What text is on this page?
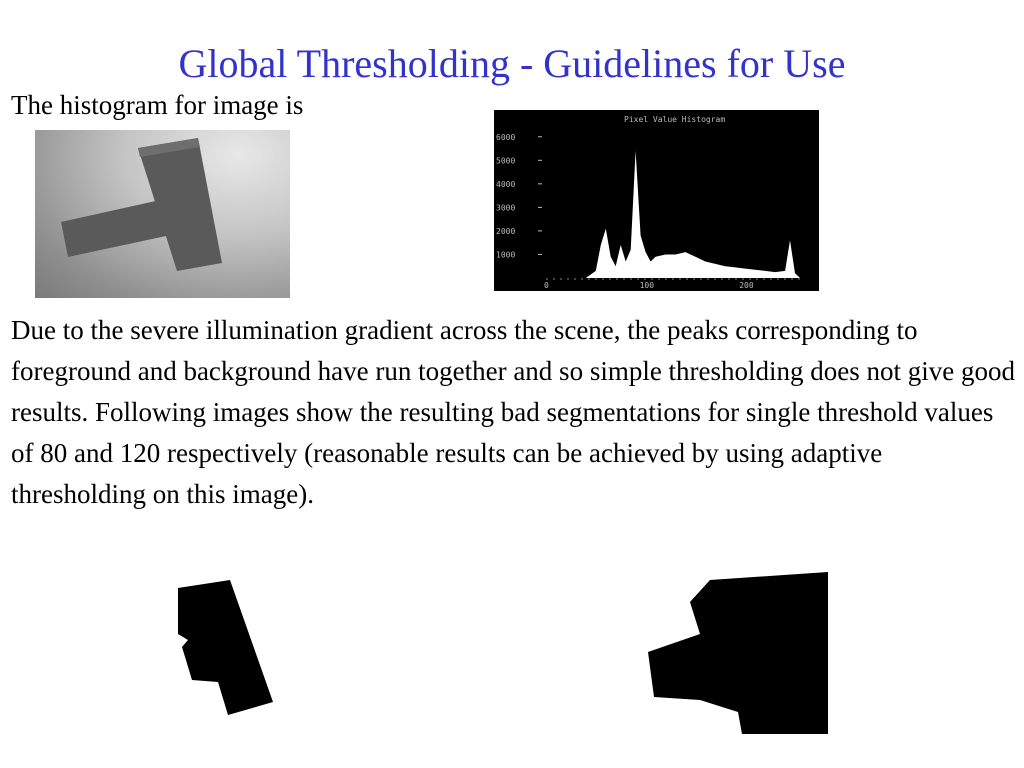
Global Thresholding - Guidelines for Use
The histogram for image is	Pixel Value Histogram
6000
5000
4000
3000
2000
1000
0	100	200
Due to the severe illumination gradient across the scene, the peaks corresponding to foreground and background have run together and so simple thresholding does not give good results. Following images show the resulting bad segmentations for single threshold values of 80 and 120 respectively (reasonable results can be achieved by using adaptive thresholding on this image).
